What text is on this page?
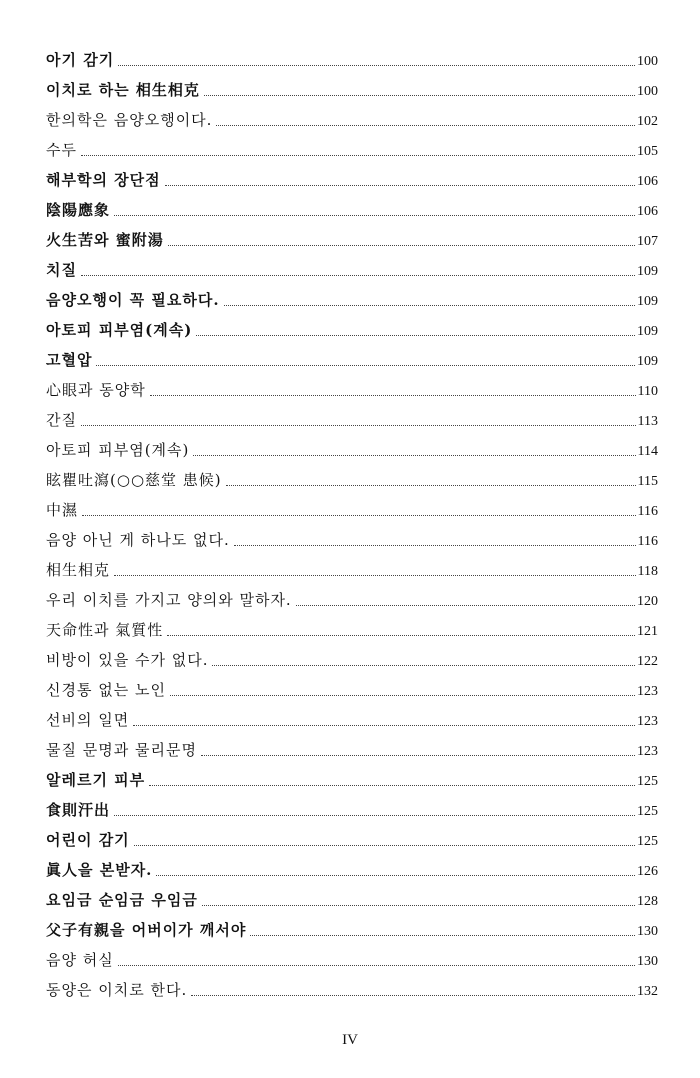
아기 감기	100
이치로 하는 相生相克	100
한의학은 음양오행이다.	102
수두	105
해부학의 장단점	106
陰陽應象	106
火生苦와 蜜附湯	107
치질	109
음양오행이 꼭 필요하다.	109
아토피 피부염(계속)	109
고혈압	109
心眼과 동양학	110
간질	113
아토피 피부염(계속)	114
眩瞿吐瀉(○○慈堂 患候)	115
中濕	116
음양 아닌 게 하나도 없다.	116
相生相克	118
우리 이치를 가지고 양의와 말하자.	120
天命性과 氣質性	121
비방이 있을 수가 없다.	122
신경통 없는 노인	123
선비의 일면	123
물질 문명과 물리문명	123
알레르기 피부	125
食則汗出	125
어린이 감기	125
眞人을 본받자.	126
요임금 순임금 우임금	128
父子有親을 어버이가 깨서야	130
음양 허실	130
동양은 이치로 한다.	132
IV
